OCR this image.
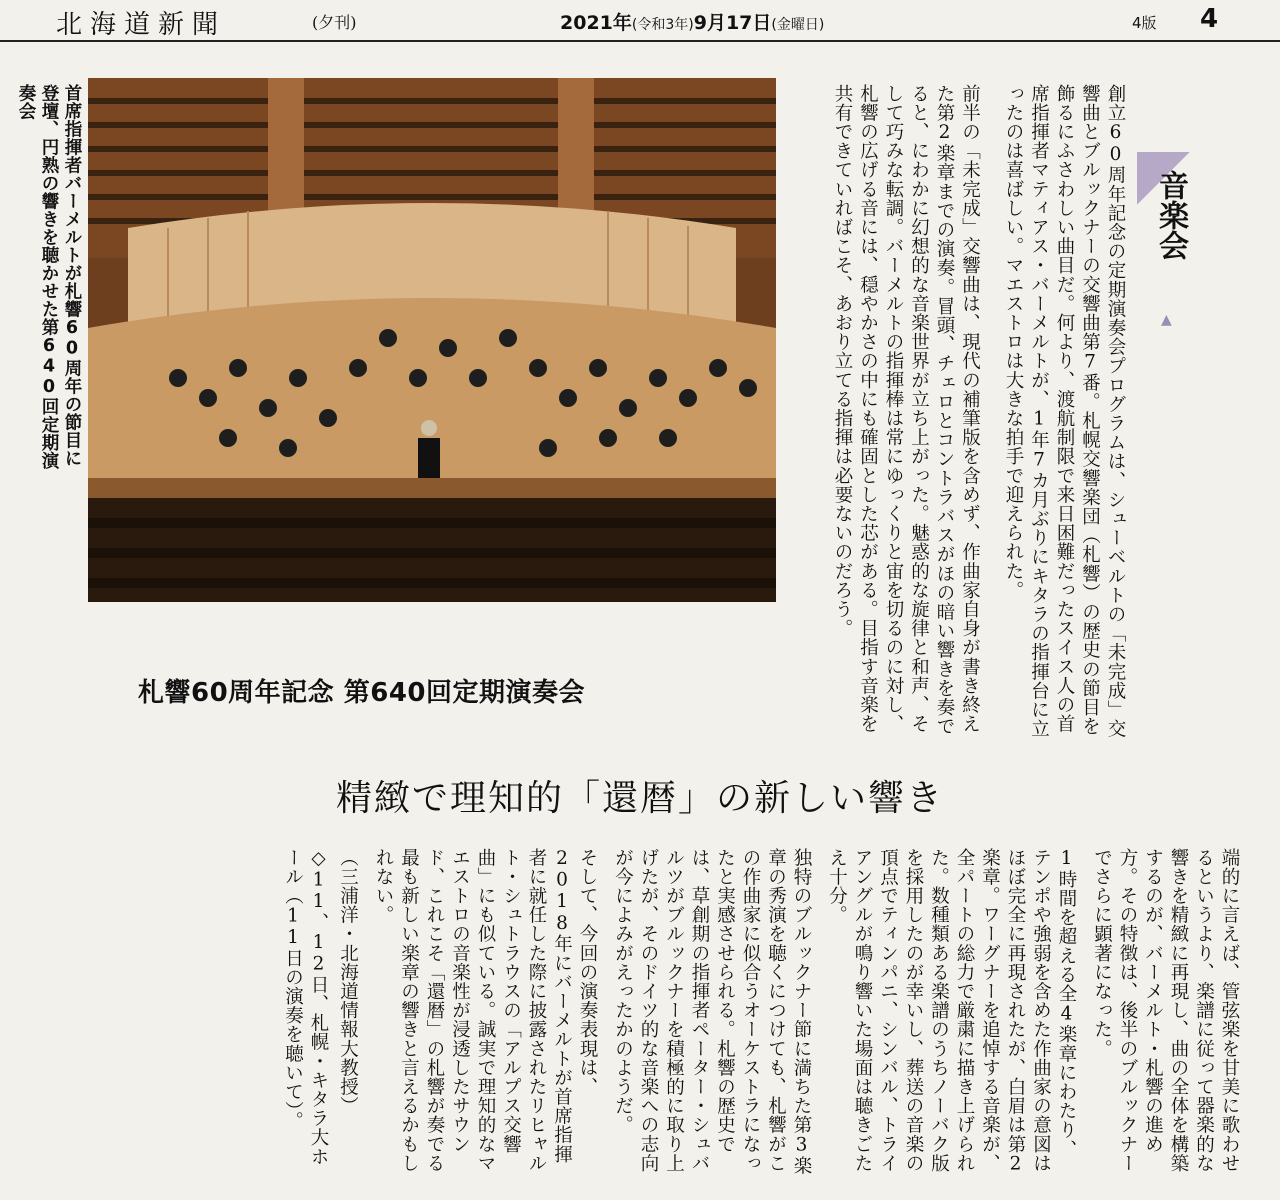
北海道新聞	(夕刊)	2021年(令和3年)9月17日(金曜日)	4版 4
首席指揮者バーメルトが札響60周年の節目に登壇、円熟の響きを聴かせた第640回定期演奏会
音楽会
▲

創立60周年記念の定期演奏会プログラムは、シューベルトの「未完成」交響曲とブルックナーの交響曲第7番。札幌交響楽団（札響）の歴史の節目を飾るにふさわしい曲目だ。何より、渡航制限で来日困難だったスイス人の首席指揮者マティアス・バーメルトが、1年7カ月ぶりにキタラの指揮台に立ったのは喜ばしい。マエストロは大きな拍手で迎えられた。

前半の「未完成」交響曲は、現代の補筆版を含めず、作曲家自身が書き終えた第2楽章までの演奏。冒頭、チェロとコントラバスがほの暗い響きを奏でると、にわかに幻想的な音楽世界が立ち上がった。魅惑的な旋律と和声、そして巧みな転調。バーメルトの指揮棒は常にゆっくりと宙を切るのに対し、札響の広げる音には、穏やかさの中にも確固とした芯がある。目指す音楽を共有できていればこそ、あおり立てる指揮は必要ないのだろう。

札響60周年記念 第640回定期演奏会
精緻で理知的「還暦」の新しい響き

端的に言えば、管弦楽を甘美に歌わせるというより、楽譜に従って器楽的な響きを精緻に再現し、曲の全体を構築するのが、バーメルト・札響の進め方。その特徴は、後半のブルックナーでさらに顕著になった。

1時間を超える全4楽章にわたり、テンポや強弱を含めた作曲家の意図はほぼ完全に再現されたが、白眉は第2楽章。ワーグナーを追悼する音楽が、全パートの総力で厳粛に描き上げられた。数種類ある楽譜のうちノーバク版を採用したのが幸いし、葬送の音楽の頂点でティンパニ、シンバル、トライアングルが鳴り響いた場面は聴きごたえ十分。

独特のブルックナー節に満ちた第3楽章の秀演を聴くにつけても、札響がこの作曲家に似合うオーケストラになったと実感させられる。札響の歴史では、草創期の指揮者ペーター・シュバルツがブルックナーを積極的に取り上げたが、そのドイツ的な音楽への志向が今によみがえったかのようだ。

そして、今回の演奏表現は、2018年にバーメルトが首席指揮者に就任した際に披露されたリヒャルト・シュトラウスの「アルプス交響曲」にも似ている。誠実で理知的なマエストロの音楽性が浸透したサウンド、これこそ「還暦」の札響が奏でる最も新しい楽章の響きと言えるかもしれない。

（三浦洋・北海道情報大教授）

◇11、12日、札幌・キタラ大ホール（11日の演奏を聴いて）。
